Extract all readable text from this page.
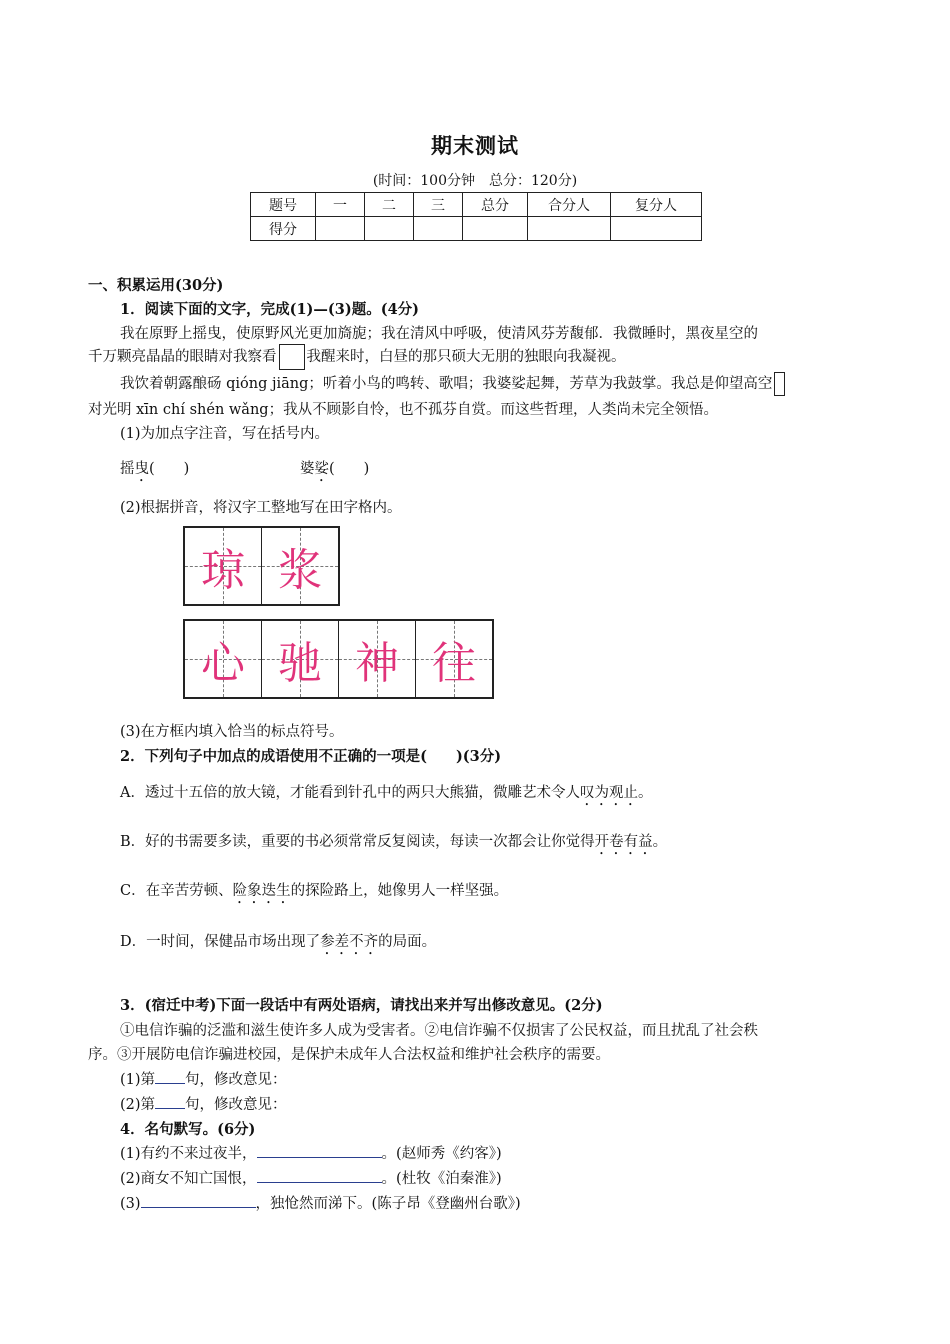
期末测试
(时间：100分钟　总分：120分)
题号	一	二	三	总分	合分人	复分人
得分						
一、积累运用(30分)
1．阅读下面的文字，完成(1)—(3)题。(4分)
我在原野上摇曳，使原野风光更加旖旎；我在清风中呼吸，使清风芬芳馥郁．我微睡时，黑夜星空的
千万颗亮晶晶的眼睛对我察看 我醒来时，白昼的那只硕大无朋的独眼向我凝视。
我饮着朝露酿砀 qióng jiāng；听着小鸟的鸣转、歌唱；我婆娑起舞，芳草为我鼓掌。我总是仰望高空
对光明 xīn chí shén wǎng；我从不顾影自怜，也不孤芬自赏。而这些哲理，人类尚未完全领悟。
(1)为加点字注音，写在括号内。
摇曳(　　)	婆娑(　　)
(2)根据拼音，将汉字工整地写在田字格内。
琼 浆
心 驰 神 往
(3)在方框内填入恰当的标点符号。
2．下列句子中加点的成语使用不正确的一项是(　　)(3分)
A．透过十五倍的放大镜，才能看到针孔中的两只大熊猫，微雕艺术令人叹为观止。
B．好的书需要多读，重要的书必须常常反复阅读，每读一次都会让你觉得开卷有益。
C．在辛苦劳顿、险象迭生的探险路上，她像男人一样坚强。
D．一时间，保健品市场出现了参差不齐的局面。
3．(宿迁中考)下面一段话中有两处语病，请找出来并写出修改意见。(2分)
①电信诈骗的泛滥和滋生使许多人成为受害者。②电信诈骗不仅损害了公民权益，而且扰乱了社会秩
序。③开展防电信诈骗进校园，是保护未成年人合法权益和维护社会秩序的需要。
(1)第 句，修改意见：
(2)第 句，修改意见：
4．名句默写。(6分)
(1)有约不来过夜半，	。(赵师秀《约客》)
(2)商女不知亡国恨，	。(杜牧《泊秦淮》)
(3)	，独怆然而涕下。(陈子昂《登幽州台歌》)
